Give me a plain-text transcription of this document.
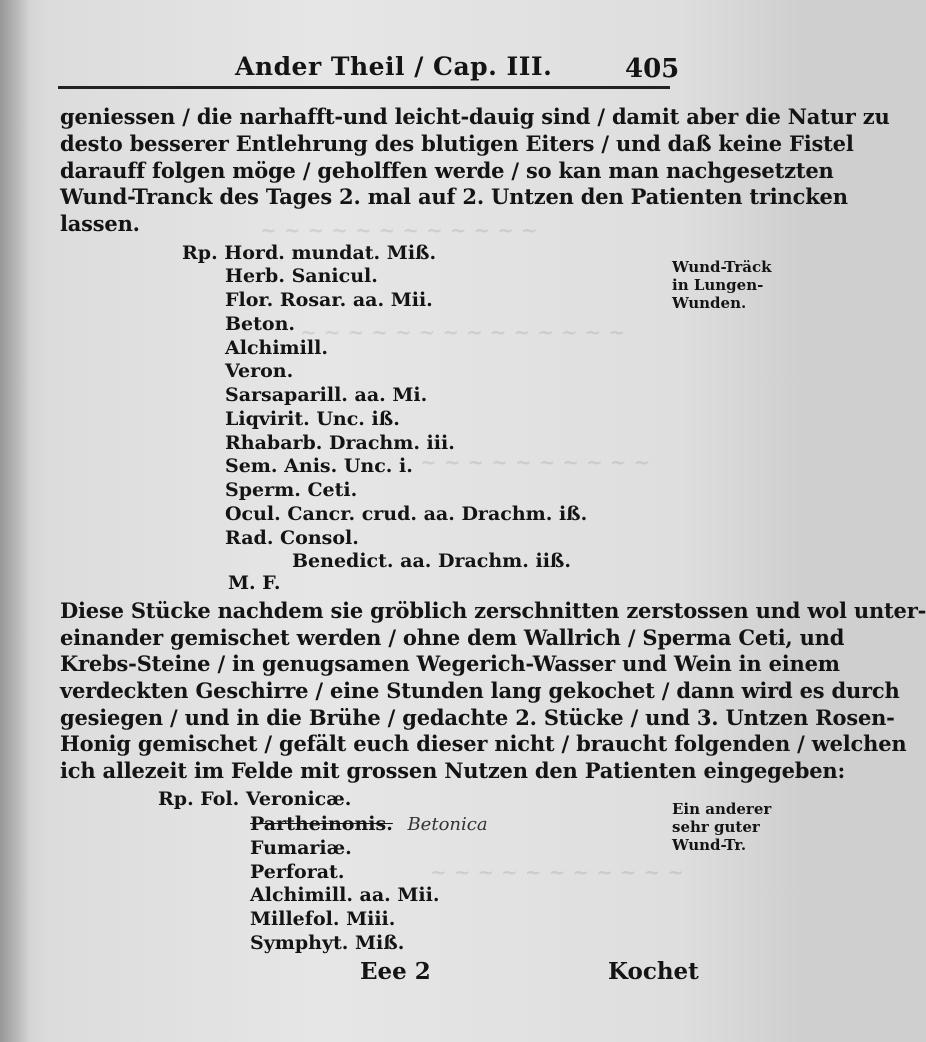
~ ~ ~ ~ ~ ~ ~ ~ ~ ~ ~ ~
~ ~ ~ ~ ~ ~ ~ ~ ~ ~ ~ ~ ~ ~
~ ~ ~ ~ ~ ~ ~ ~ ~ ~
~ ~ ~ ~ ~ ~ ~ ~ ~ ~ ~
Ander Theil / Cap. III.	405
geniessen / die narhafft-und leicht-dauig sind / damit aber die Natur zu
desto besserer Entlehrung des blutigen Eiters / und daß keine Fistel
darauff folgen möge / geholffen werde / so kan man nachgesetzten
Wund-Tranck des Tages 2. mal auf 2. Untzen den Patienten trincken
lassen.
Rp. Hord. mundat. Miß.
Herb. Sanicul.
Flor. Rosar. aa. Mii.
Beton.
Alchimill.
Veron.
Sarsaparill. aa. Mi.
Liqvirit. Unc. iß.
Rhabarb. Drachm. iii.
Sem. Anis. Unc. i.
Sperm. Ceti.
Ocul. Cancr. crud. aa. Drachm. iß.
Rad. Consol.
Benedict. aa. Drachm. iiß.
M. F.
Diese Stücke nachdem sie gröblich zerschnitten zerstossen und wol unter-
einander gemischet werden / ohne dem Wallrich / Sperma Ceti, und
Krebs-Steine / in genugsamen Wegerich-Wasser und Wein in einem
verdeckten Geschirre / eine Stunden lang gekochet / dann wird es durch
gesiegen / und in die Brühe / gedachte 2. Stücke / und 3. Untzen Rosen-
Honig gemischet / gefält euch dieser nicht / braucht folgenden / welchen
ich allezeit im Felde mit grossen Nutzen den Patienten eingegeben:
Rp. Fol. Veronicæ.
Partheinonis. Betonica
Fumariæ.
Perforat.
Alchimill. aa. Mii.
Millefol. Miii.
Symphyt. Miß.
Wund-Träck
in Lungen-
Wunden.
Ein anderer
sehr guter
Wund-Tr.
Eee 2	Kochet
